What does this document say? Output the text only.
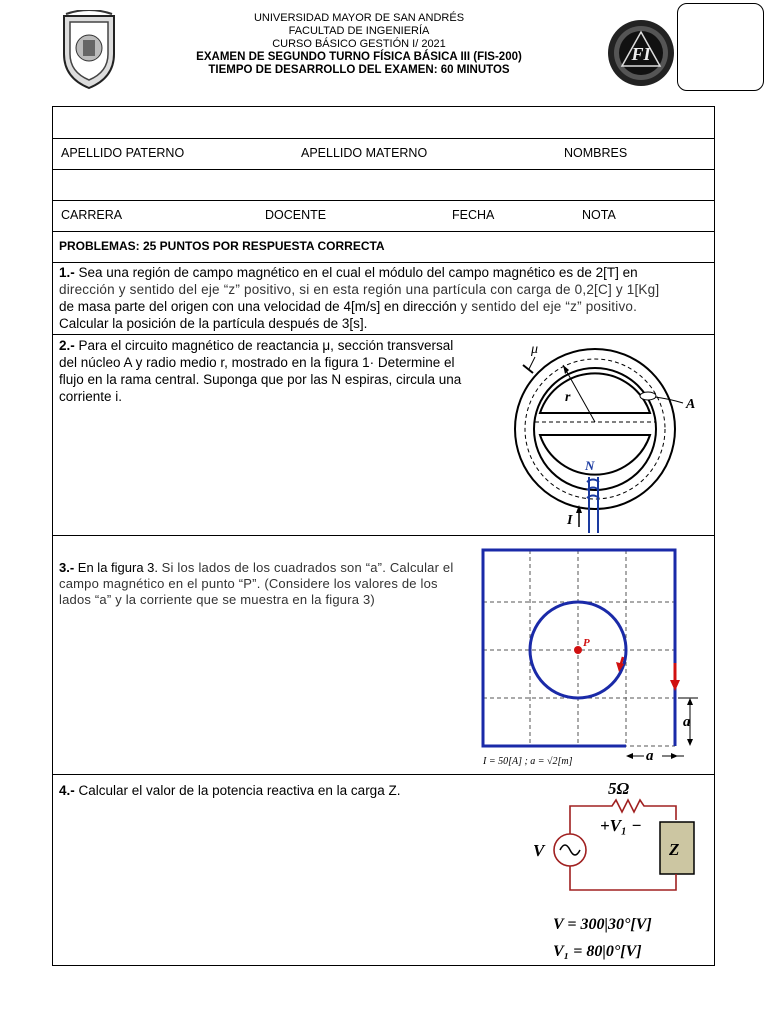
UNIVERSIDAD MAYOR DE SAN ANDRÉS
FACULTAD DE INGENIERÍA
CURSO BÁSICO GESTIÓN I/ 2021
EXAMEN DE SEGUNDO TURNO FÍSICA BÁSICA III (FIS-200)
TIEMPO DE DESARROLLO DEL EXAMEN: 60 MINUTOS
FI
APELLIDO PATERNO	APELLIDO MATERNO	NOMBRES
CARRERA	DOCENTE	FECHA	NOTA
PROBLEMAS: 25 PUNTOS POR RESPUESTA CORRECTA
1.- Sea una región de campo magnético en el cual el módulo del campo magnético es de 2[T] en
dirección y sentido del eje “z” positivo, si en esta región una partícula con carga de 0,2[C] y 1[Kg]
de masa parte del origen con una velocidad de 4[m/s] en dirección y sentido del eje “z” positivo.
Calcular la posición de la partícula después de 3[s].
2.- Para el circuito magnético de reactancia μ, sección transversal
del núcleo A y radio medio r, mostrado en la figura 1· Determine el
flujo en la rama central. Suponga que por las N espiras, circula una
corriente i.	r
μ
A
N
I
3.- En la figura 3. Si los lados de los cuadrados son “a”. Calcular el
campo magnético en el punto “P”. (Considere los valores de los
lados “a” y la corriente que se muestra en la figura 3)
P
a
a
I = 50[A] ; a = √2[m]
4.- Calcular el valor de la potencia reactiva en la carga Z.	5Ω
Z
V
+V₁ −
V = 300|30°[V]
V₁ = 80|0°[V]
